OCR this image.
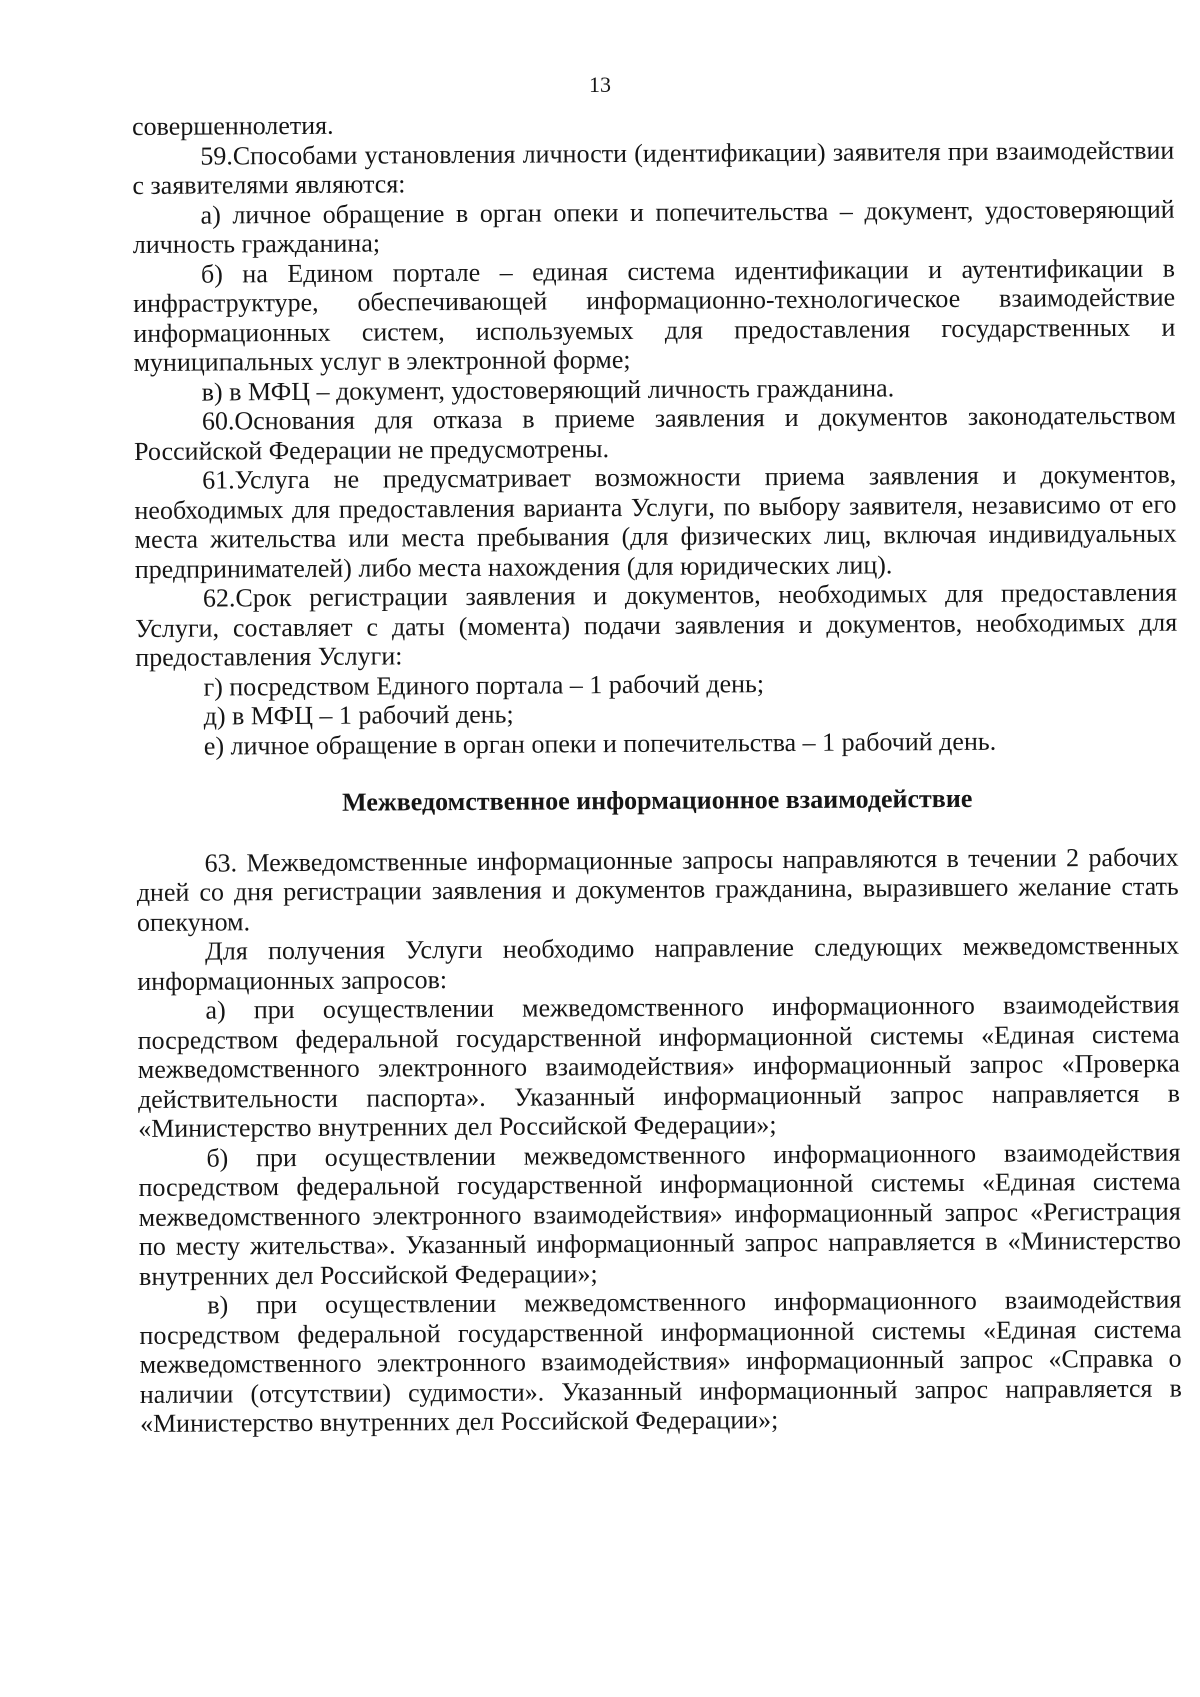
13

совершеннолетия.

59.Способами установления личности (идентификации) заявителя при взаимодействии с заявителями являются:

а) личное обращение в орган опеки и попечительства – документ, удостоверяющий личность гражданина;

б) на Едином портале – единая система идентификации и аутентификации в инфраструктуре, обеспечивающей информационно-технологическое взаимодействие информационных систем, используемых для предоставления государственных и муниципальных услуг в электронной форме;

в) в МФЦ – документ, удостоверяющий личность гражданина.

60.Основания для отказа в приеме заявления и документов законодательством Российской Федерации не предусмотрены.

61.Услуга не предусматривает возможности приема заявления и документов, необходимых для предоставления варианта Услуги, по выбору заявителя, независимо от его места жительства или места пребывания (для физических лиц, включая индивидуальных предпринимателей) либо места нахождения (для юридических лиц).

62.Срок регистрации заявления и документов, необходимых для предоставления Услуги, составляет с даты (момента) подачи заявления и документов, необходимых для предоставления Услуги:

г) посредством Единого портала – 1 рабочий день;

д) в МФЦ – 1 рабочий день;

е) личное обращение в орган опеки и попечительства – 1 рабочий день.

Межведомственное информационное взаимодействие

63. Межведомственные информационные запросы направляются в течении 2 рабочих дней со дня регистрации заявления и документов гражданина, выразившего желание стать опекуном.

Для получения Услуги необходимо направление следующих межведомственных информационных запросов:

а) при осуществлении межведомственного информационного взаимодействия посредством федеральной государственной информационной системы «Единая система межведомственного электронного взаимодействия» информационный запрос «Проверка действительности паспорта». Указанный информационный запрос направляется в «Министерство внутренних дел Российской Федерации»;

б) при осуществлении межведомственного информационного взаимодействия посредством федеральной государственной информационной системы «Единая система межведомственного электронного взаимодействия» информационный запрос «Регистрация по месту жительства». Указанный информационный запрос направляется в «Министерство внутренних дел Российской Федерации»;

в) при осуществлении межведомственного информационного взаимодействия посредством федеральной государственной информационной системы «Единая система межведомственного электронного взаимодействия» информационный запрос «Справка о наличии (отсутствии) судимости». Указанный информационный запрос направляется в «Министерство внутренних дел Российской Федерации»;
